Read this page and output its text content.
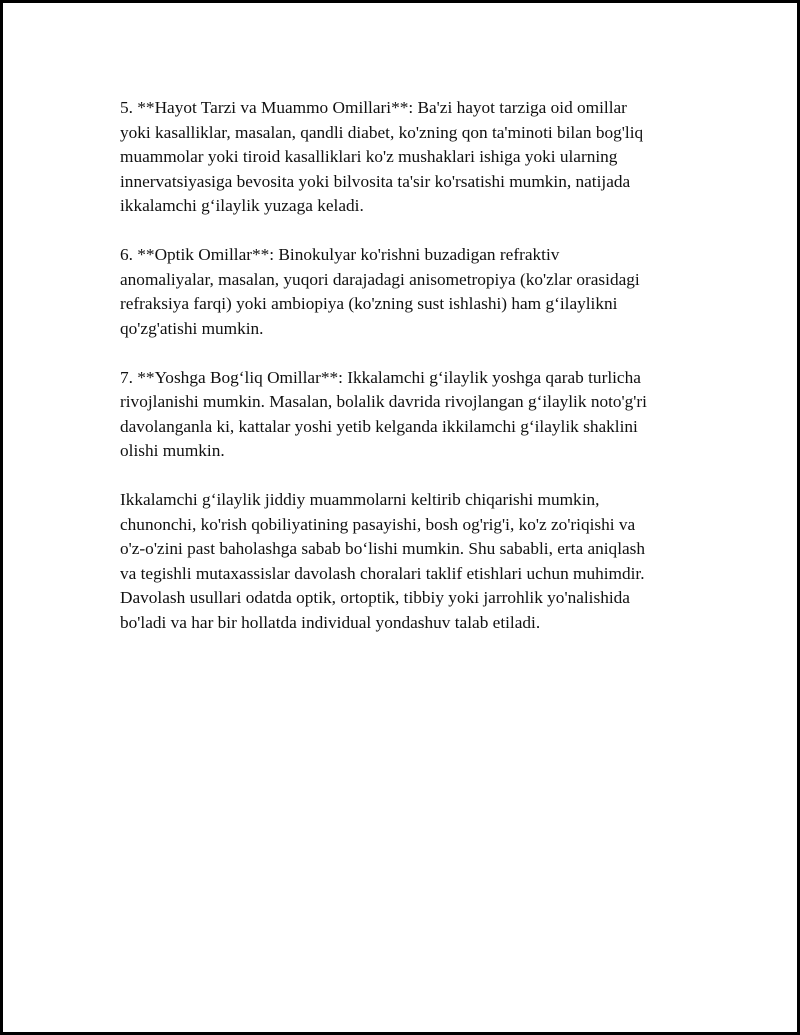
5. **Hayot Tarzi va Muammo Omillari**: Ba'zi hayot tarziga oid omillar
yoki kasalliklar, masalan, qandli diabet, ko'zning qon ta'minoti bilan bog'liq
muammolar yoki tiroid kasalliklari ko'z mushaklari ishiga yoki ularning
innervatsiyasiga bevosita yoki bilvosita ta'sir ko'rsatishi mumkin, natijada
ikkalamchi g‘ilaylik yuzaga keladi.

6. **Optik Omillar**: Binokulyar ko'rishni buzadigan refraktiv
anomaliyalar, masalan, yuqori darajadagi anisometropiya (ko'zlar orasidagi
refraksiya farqi) yoki ambiopiya (ko'zning sust ishlashi) ham g‘ilaylikni
qo'zg'atishi mumkin.

7. **Yoshga Bog‘liq Omillar**: Ikkalamchi g‘ilaylik yoshga qarab turlicha
rivojlanishi mumkin. Masalan, bolalik davrida rivojlangan g‘ilaylik noto'g'ri
davolanganla ki, kattalar yoshi yetib kelganda ikkilamchi g‘ilaylik shaklini
olishi mumkin.

Ikkalamchi g‘ilaylik jiddiy muammolarni keltirib chiqarishi mumkin,
chunonchi, ko'rish qobiliyatining pasayishi, bosh og'rig'i, ko'z zo'riqishi va
o'z-o'zini past baholashga sabab bo‘lishi mumkin. Shu sababli, erta aniqlash
va tegishli mutaxassislar davolash choralari taklif etishlari uchun muhimdir.
Davolash usullari odatda optik, ortoptik, tibbiy yoki jarrohlik yo'nalishida
bo'ladi va har bir hollatda individual yondashuv talab etiladi.
